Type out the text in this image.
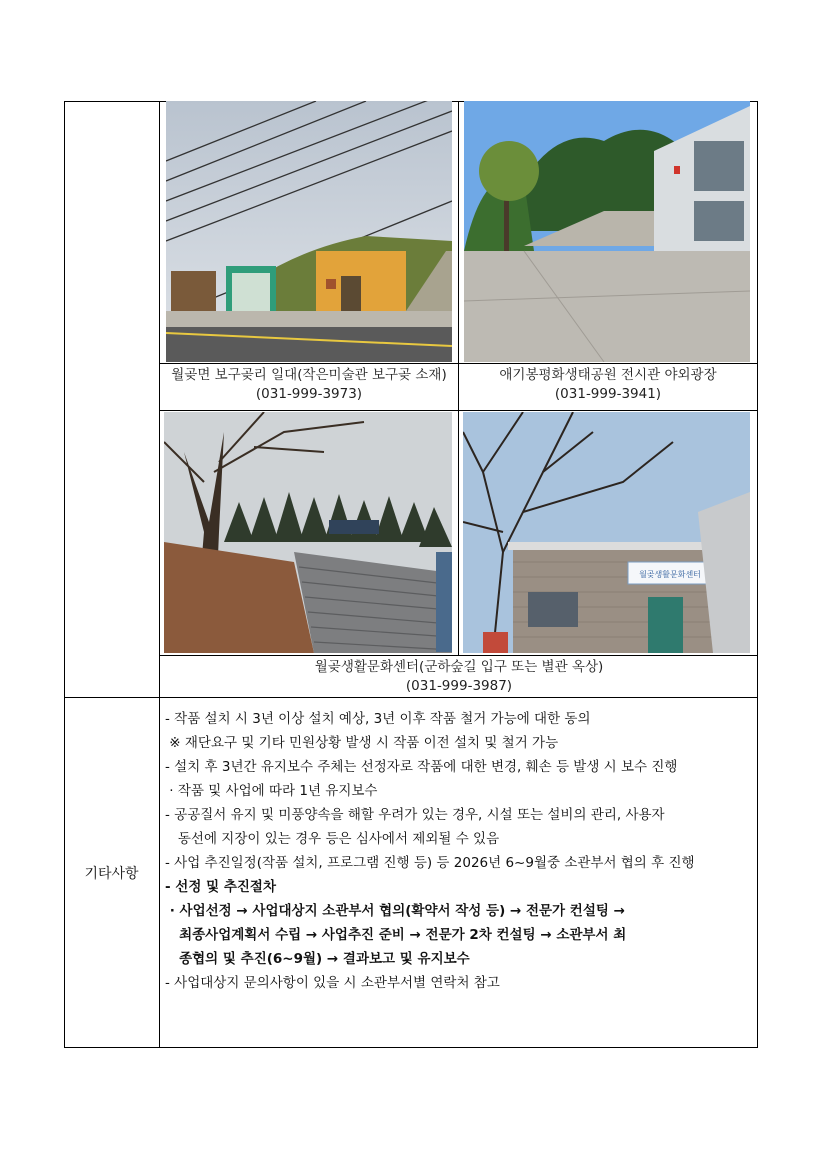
월곶면 보구곶리 일대(작은미술관 보구곶 소재)
(031-999-3973)
애기봉평화생태공원 전시관 야외광장
(031-999-3941)
월곶생활문화센터
월곶생활문화센터(군하숲길 입구 또는 별관 옥상)
(031-999-3987)
기타사항
- 작품 설치 시 3년 이상 설치 예상, 3년 이후 작품 철거 가능에 대한 동의
※ 재단요구 및 기타 민원상황 발생 시 작품 이전 설치 및 철거 가능
- 설치 후 3년간 유지보수 주체는 선정자로 작품에 대한 변경, 훼손 등 발생 시 보수 진행
· 작품 및 사업에 따라 1년 유지보수
- 공공질서 유지 및 미풍양속을 해할 우려가 있는 경우, 시설 또는 설비의 관리, 사용자
동선에 지장이 있는 경우 등은 심사에서 제외될 수 있음
- 사업 추진일정(작품 설치, 프로그램 진행 등) 등 2026년 6~9월중 소관부서 협의 후 진행
- 선정 및 추진절차
· 사업선정 → 사업대상지 소관부서 협의(확약서 작성 등) → 전문가 컨설팅 →
최종사업계획서 수립 → 사업추진 준비 → 전문가 2차 컨설팅 → 소관부서 최
종협의 및 추진(6~9월) → 결과보고 및 유지보수
- 사업대상지 문의사항이 있을 시 소관부서별 연락처 참고
